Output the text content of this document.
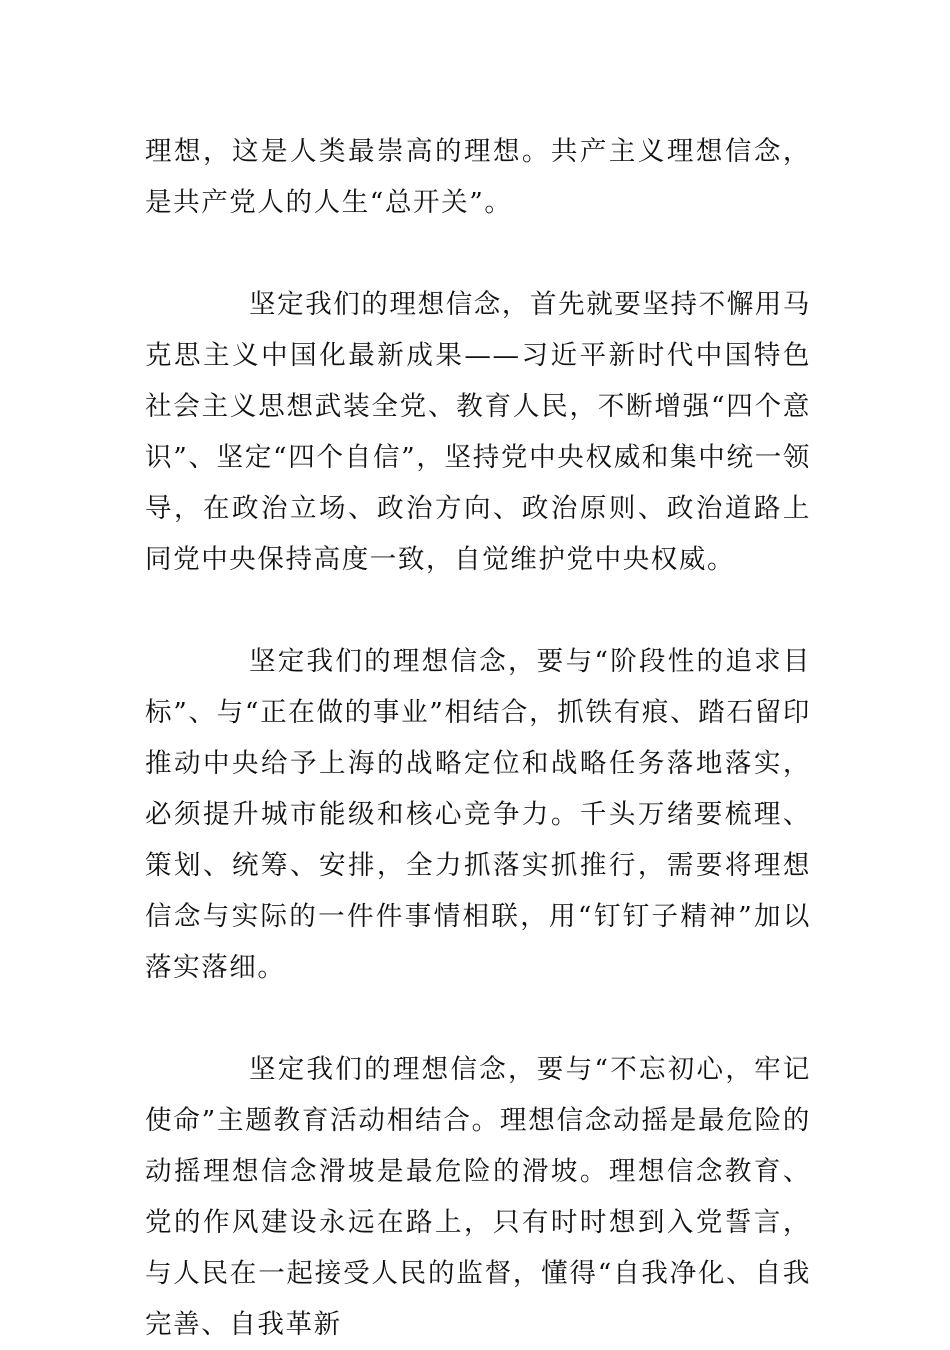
理想，这是人类最崇高的理想。共产主义理想信念，是共产党人的人生“总开关”。

坚定我们的理想信念，首先就要坚持不懈用马克思主义中国化最新成果——习近平新时代中国特色社会主义思想武装全党、教育人民，不断增强“四个意识”、坚定“四个自信”，坚持党中央权威和集中统一领导，在政治立场、政治方向、政治原则、政治道路上同党中央保持高度一致，自觉维护党中央权威。

坚定我们的理想信念，要与“阶段性的追求目标”、与“正在做的事业”相结合，抓铁有痕、踏石留印推动中央给予上海的战略定位和战略任务落地落实，必须提升城市能级和核心竞争力。千头万绪要梳理、策划、统筹、安排，全力抓落实抓推行，需要将理想信念与实际的一件件事情相联，用“钉钉子精神”加以落实落细。

坚定我们的理想信念，要与“不忘初心，牢记使命”主题教育活动相结合。理想信念动摇是最危险的动摇理想信念滑坡是最危险的滑坡。理想信念教育、党的作风建设永远在路上，只有时时想到入党誓言，与人民在一起接受人民的监督，懂得“自我净化、自我完善、自我革新
